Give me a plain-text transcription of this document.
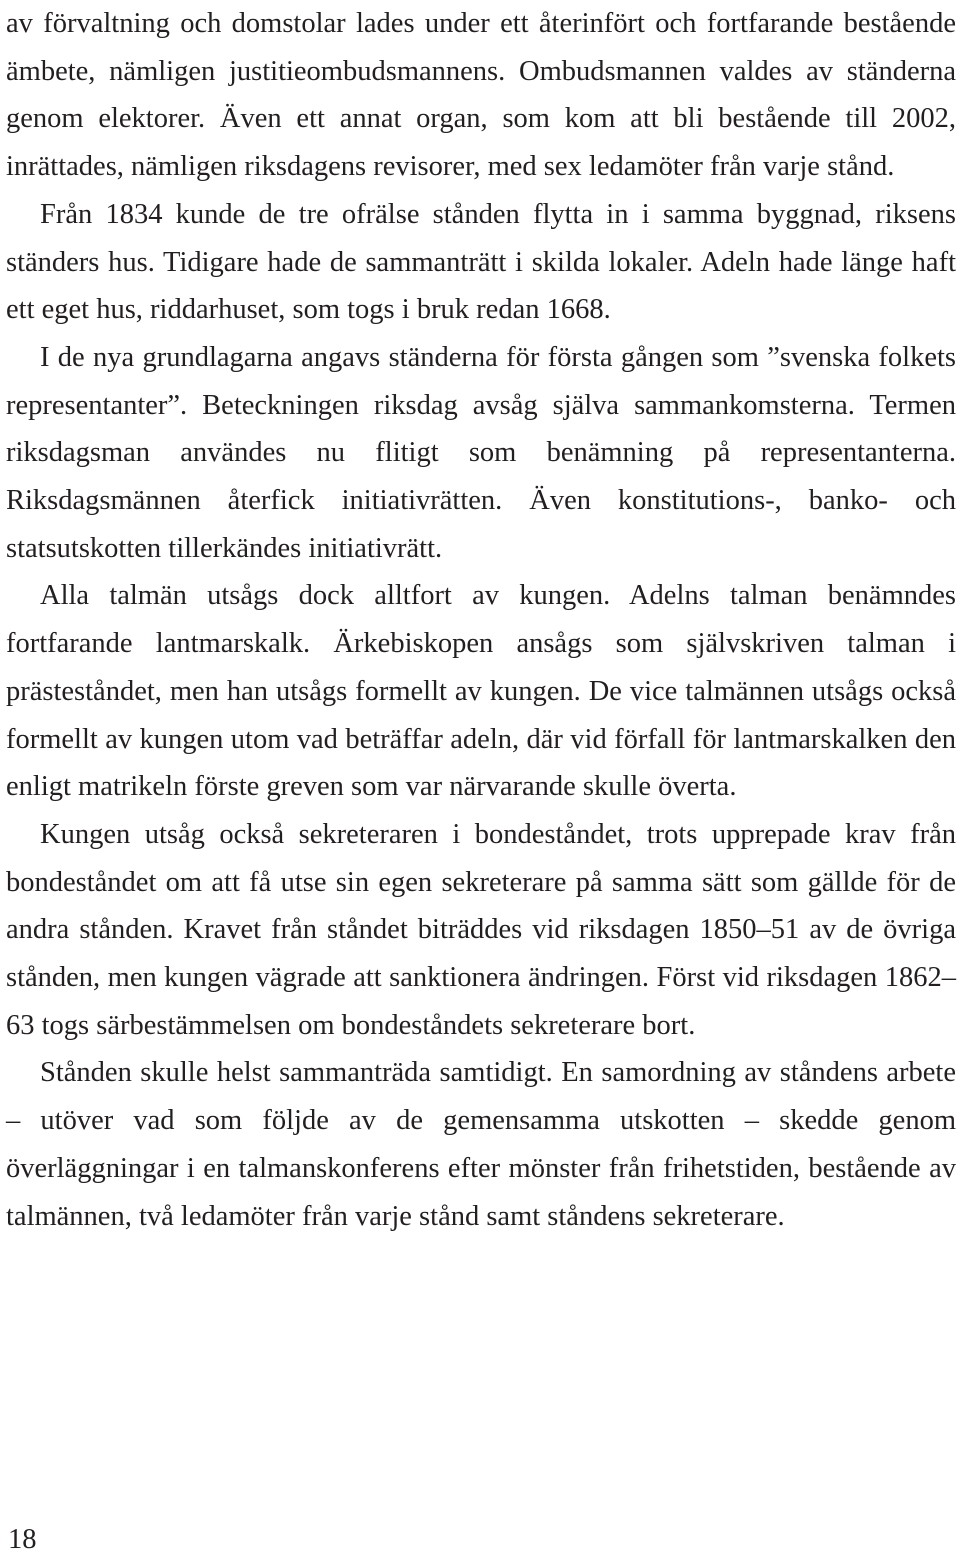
av förvaltning och domstolar lades under ett återinfört och fortfarande bestående ämbete, nämligen justitieombudsmannens. Ombudsmannen valdes av ständerna genom elektorer. Även ett annat organ, som kom att bli bestående till 2002, inrättades, nämligen riksdagens revisorer, med sex ledamöter från varje stånd.

Från 1834 kunde de tre ofrälse stånden flytta in i samma byggnad, riksens ständers hus. Tidigare hade de sammanträtt i skilda lokaler. Adeln hade länge haft ett eget hus, riddarhuset, som togs i bruk redan 1668.

I de nya grundlagarna angavs ständerna för första gången som ”svenska folkets representanter”. Beteckningen riksdag avsåg själva sammankomsterna. Termen riksdagsman användes nu flitigt som benämning på representanterna. Riksdagsmännen återfick initiativrätten. Även konstitutions-, banko- och statsutskotten tillerkändes initiativrätt.

Alla talmän utsågs dock alltfort av kungen. Adelns talman benämndes fortfarande lantmarskalk. Ärkebiskopen ansågs som självskriven talman i prästeståndet, men han utsågs formellt av kungen. De vice talmännen utsågs också formellt av kungen utom vad beträffar adeln, där vid förfall för lantmarskalken den enligt matrikeln förste greven som var närvarande skulle överta.

Kungen utsåg också sekreteraren i bondeståndet, trots upprepade krav från bondeståndet om att få utse sin egen sekreterare på samma sätt som gällde för de andra stånden. Kravet från ståndet biträddes vid riksdagen 1850–51 av de övriga stånden, men kungen vägrade att sanktionera ändringen. Först vid riksdagen 1862–63 togs särbestämmelsen om bondeståndets sekreterare bort.

Stånden skulle helst sammanträda samtidigt. En samordning av ståndens arbete – utöver vad som följde av de gemensamma utskotten – skedde genom överläggningar i en talmanskonferens efter mönster från frihetstiden, bestående av talmännen, två ledamöter från varje stånd samt ståndens sekreterare.

18
